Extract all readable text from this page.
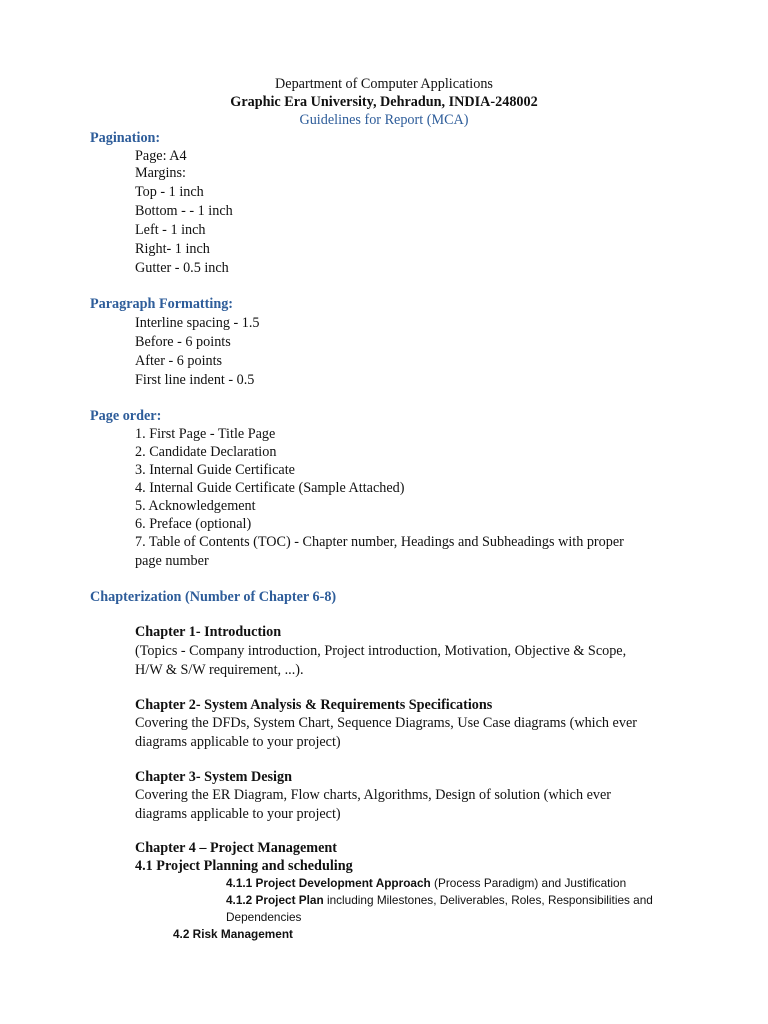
Department of Computer Applications
Graphic Era University, Dehradun, INDIA-248002
Guidelines for Report (MCA)
Pagination:
Page: A4
Margins:
Top - 1 inch
Bottom - - 1 inch
Left - 1 inch
Right- 1 inch
Gutter - 0.5 inch
Paragraph Formatting:
Interline spacing - 1.5
Before - 6 points
After - 6 points
First line indent - 0.5
Page order:
1. First Page - Title Page
2. Candidate Declaration
3. Internal Guide Certificate
4. Internal Guide Certificate (Sample Attached)
5. Acknowledgement
6. Preface (optional)
7. Table of Contents (TOC) - Chapter number, Headings and Subheadings with proper
page number
Chapterization (Number of Chapter 6-8)
Chapter 1- Introduction
(Topics - Company introduction, Project introduction, Motivation, Objective & Scope,
H/W & S/W requirement, ...).
Chapter 2- System Analysis & Requirements Specifications
Covering the DFDs, System Chart, Sequence Diagrams, Use Case diagrams (which ever
diagrams applicable to your project)
Chapter 3- System Design
Covering the ER Diagram, Flow charts, Algorithms, Design of solution (which ever
diagrams applicable to your project)
Chapter 4 – Project Management
4.1 Project Planning and scheduling
4.1.1 Project Development Approach (Process Paradigm) and Justification
4.1.2 Project Plan including Milestones, Deliverables, Roles, Responsibilities and
Dependencies
4.2 Risk Management
